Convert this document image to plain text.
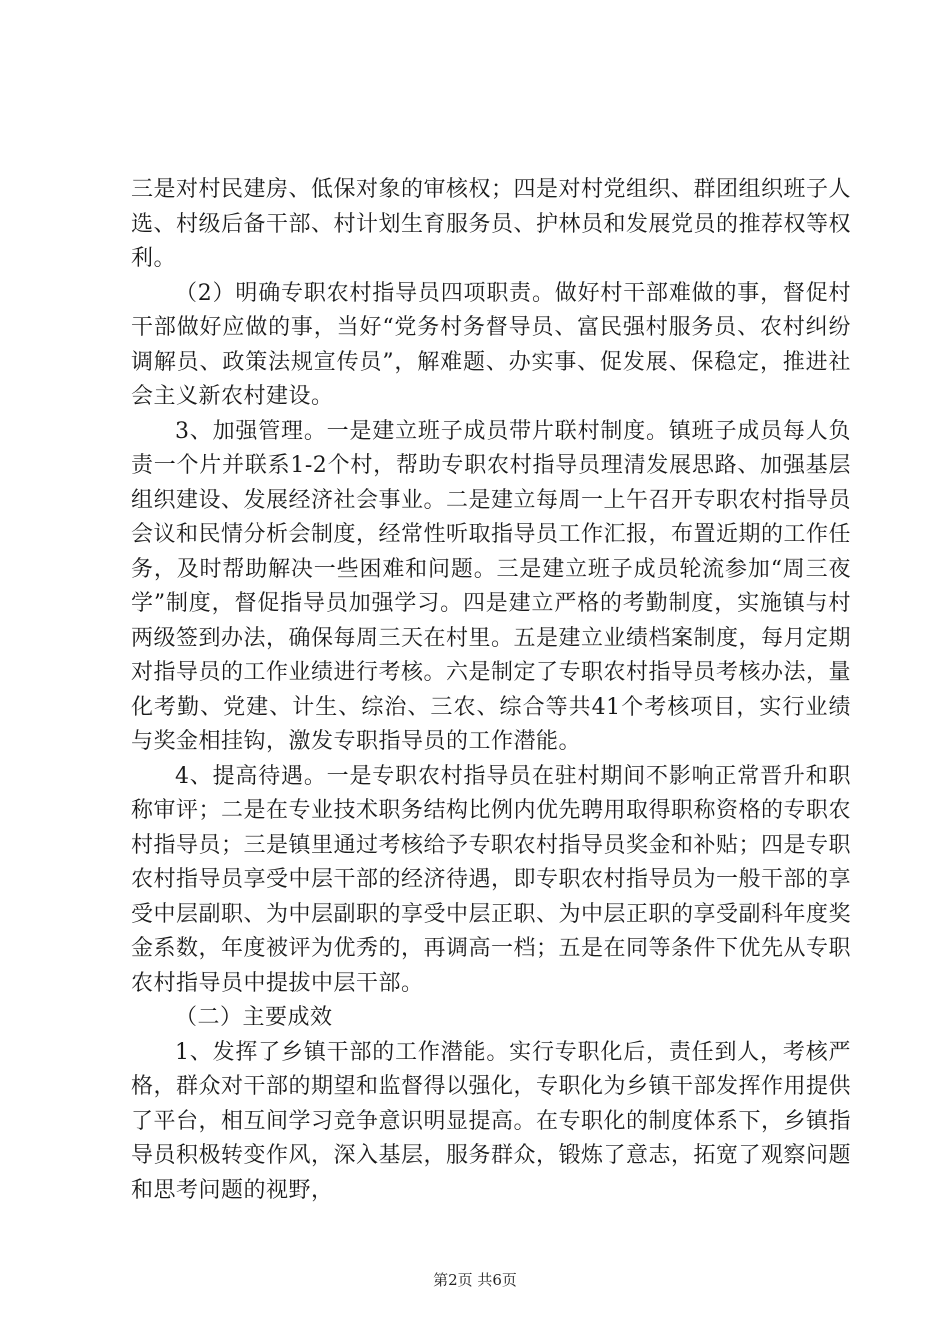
三是对村民建房、低保对象的审核权；四是对村党组织、群团组织班子人选、村级后备干部、村计划生育服务员、护林员和发展党员的推荐权等权利。

（2）明确专职农村指导员四项职责。做好村干部难做的事，督促村干部做好应做的事，当好“党务村务督导员、富民强村服务员、农村纠纷调解员、政策法规宣传员”，解难题、办实事、促发展、保稳定，推进社会主义新农村建设。

3、加强管理。一是建立班子成员带片联村制度。镇班子成员每人负责一个片并联系1-2个村，帮助专职农村指导员理清发展思路、加强基层组织建设、发展经济社会事业。二是建立每周一上午召开专职农村指导员会议和民情分析会制度，经常性听取指导员工作汇报，布置近期的工作任务，及时帮助解决一些困难和问题。三是建立班子成员轮流参加“周三夜学”制度，督促指导员加强学习。四是建立严格的考勤制度，实施镇与村两级签到办法，确保每周三天在村里。五是建立业绩档案制度，每月定期对指导员的工作业绩进行考核。六是制定了专职农村指导员考核办法，量化考勤、党建、计生、综治、三农、综合等共41个考核项目，实行业绩与奖金相挂钩，激发专职指导员的工作潜能。

4、提高待遇。一是专职农村指导员在驻村期间不影响正常晋升和职称审评；二是在专业技术职务结构比例内优先聘用取得职称资格的专职农村指导员；三是镇里通过考核给予专职农村指导员奖金和补贴；四是专职农村指导员享受中层干部的经济待遇，即专职农村指导员为一般干部的享受中层副职、为中层副职的享受中层正职、为中层正职的享受副科年度奖金系数，年度被评为优秀的，再调高一档；五是在同等条件下优先从专职农村指导员中提拔中层干部。

（二）主要成效

1、发挥了乡镇干部的工作潜能。实行专职化后，责任到人，考核严格，群众对干部的期望和监督得以强化，专职化为乡镇干部发挥作用提供了平台，相互间学习竞争意识明显提高。在专职化的制度体系下，乡镇指导员积极转变作风，深入基层，服务群众，锻炼了意志，拓宽了观察问题和思考问题的视野，

第2页 共6页
